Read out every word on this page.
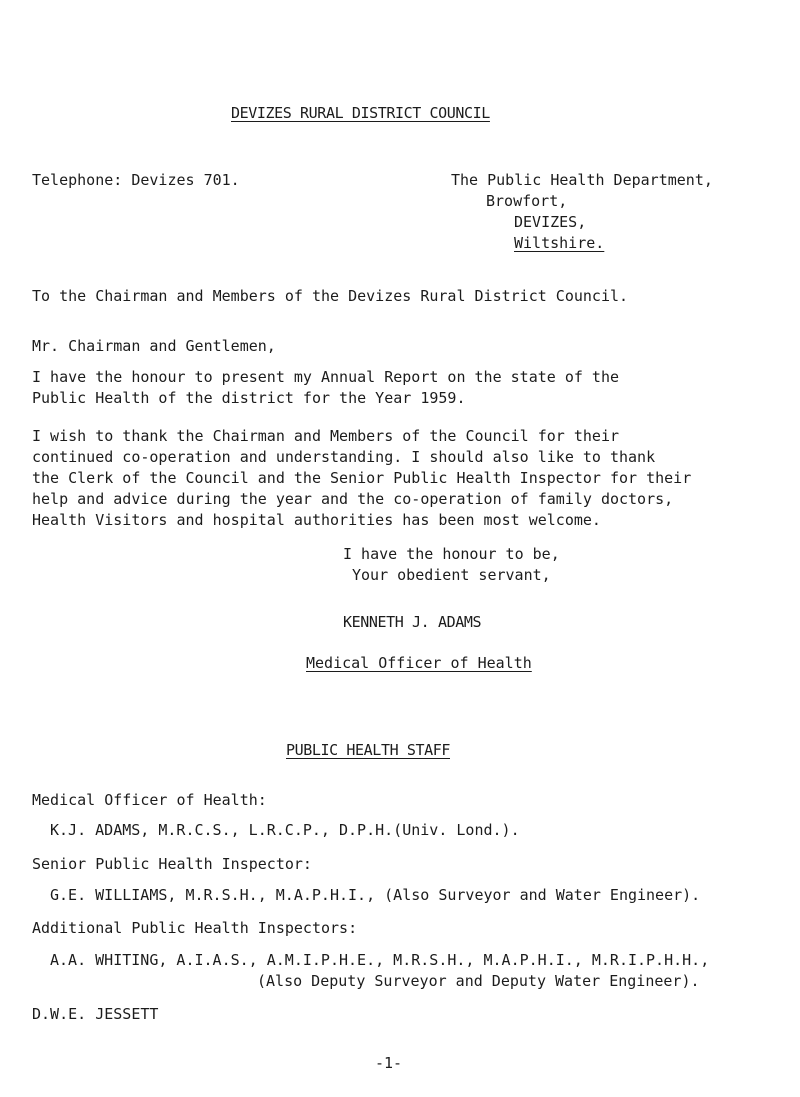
DEVIZES RURAL DISTRICT COUNCIL
Telephone: Devizes 701.	The Public Health Department,
Browfort,
DEVIZES,
Wiltshire.
To the Chairman and Members of the Devizes Rural District Council.
Mr. Chairman and Gentlemen,
I have the honour to present my Annual Report on the state of the
Public Health of the district for the Year 1959.
I wish to thank the Chairman and Members of the Council for their
continued co-operation and understanding. I should also like to thank
the Clerk of the Council and the Senior Public Health Inspector for their
help and advice during the year and the co-operation of family doctors,
Health Visitors and hospital authorities has been most welcome.
I have the honour to be,
Your obedient servant,
KENNETH J. ADAMS
Medical Officer of Health
PUBLIC HEALTH STAFF
Medical Officer of Health:
K.J. ADAMS, M.R.C.S., L.R.C.P., D.P.H.(Univ. Lond.).
Senior Public Health Inspector:
G.E. WILLIAMS, M.R.S.H., M.A.P.H.I., (Also Surveyor and Water Engineer).
Additional Public Health Inspectors:
A.A. WHITING, A.I.A.S., A.M.I.P.H.E., M.R.S.H., M.A.P.H.I., M.R.I.P.H.H.,
(Also Deputy Surveyor and Deputy Water Engineer).
D.W.E. JESSETT
-1-
